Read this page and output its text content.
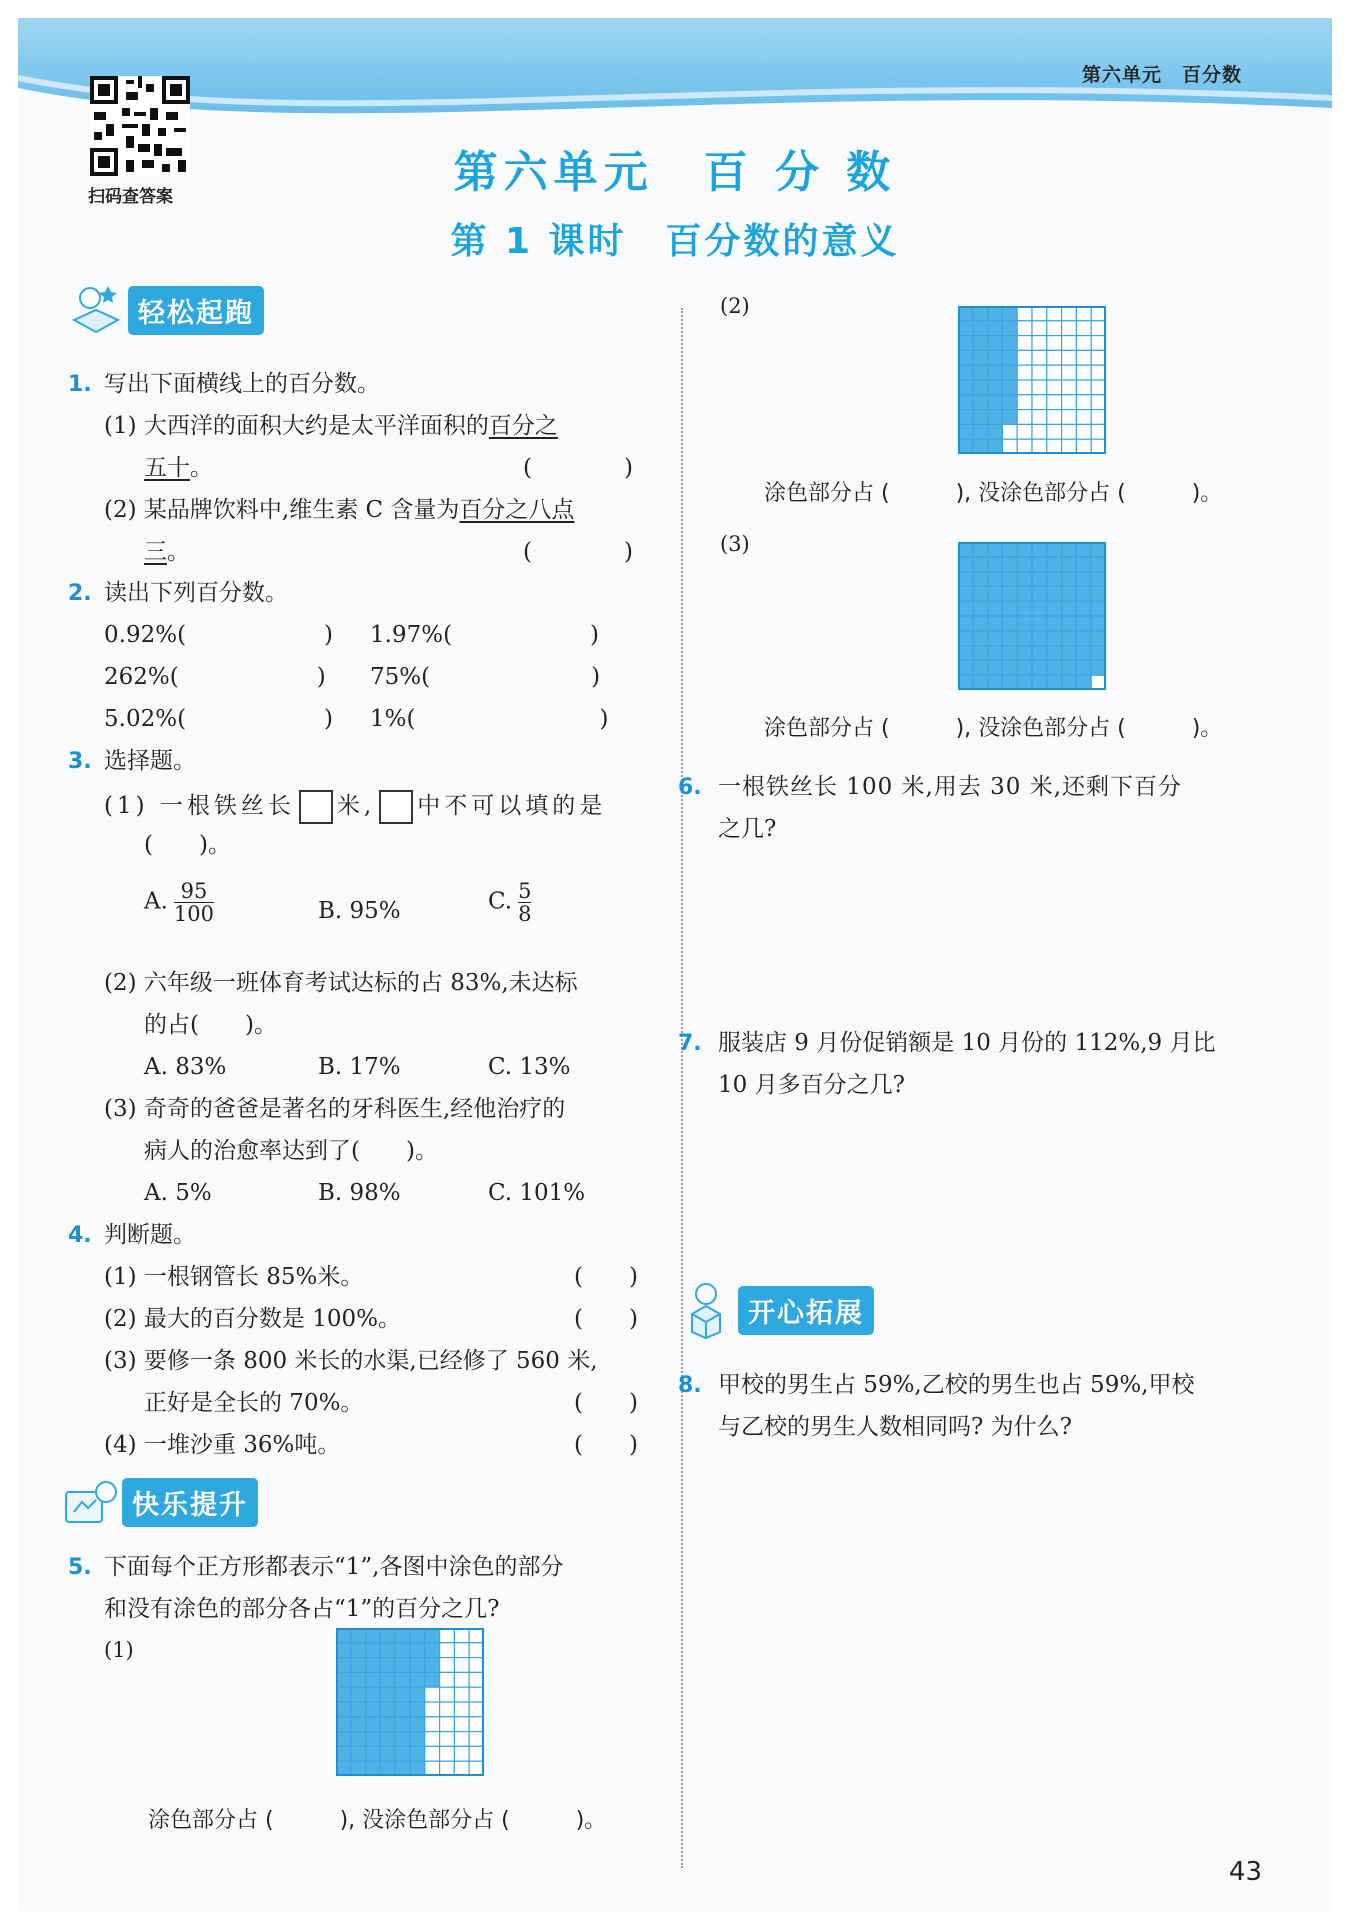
第六单元　百分数
扫码查答案	第六单元　百 分 数
第 1 课时　百分数的意义
轻松起跑
1. 写出下面横线上的百分数。
(1) 大西洋的面积大约是太平洋面积的百分之
五十。	(　　　　)
(2) 某品牌饮料中,维生素 C 含量为百分之八点
三。	(　　　　)
2. 读出下列百分数。
0.92%(　　　　　　) 1.97%(　　　　　　)
262%(　　　　　　) 75%(　　　　　　　)
5.02%(　　　　　　) 1%(　　　　　　　　)
3. 选择题。
(1) 一根铁丝长 米, 中不可以填的是
(　　)。
A. $\frac{95}{100}$	B. 95%	C. $\frac{5}{8}$
(2) 六年级一班体育考试达标的占 83%,未达标
的占(　　)。
A. 83%	B. 17%	C. 13%
(3) 奇奇的爸爸是著名的牙科医生,经他治疗的
病人的治愈率达到了(　　)。
A. 5%	B. 98%	C. 101%
4. 判断题。
(1) 一根钢管长 85%米。	(　　)
(2) 最大的百分数是 100%。	(　　)
(3) 要修一条 800 米长的水渠,已经修了 560 米,
正好是全长的 70%。	(　　)
(4) 一堆沙重 36%吨。	(　　)
快乐提升
5. 下面每个正方形都表示“1”,各图中涂色的部分
和没有涂色的部分各占“1”的百分之几?
(1)
涂色部分占 (　　　), 没涂色部分占 (　　　)。
(2)
涂色部分占 (　　　), 没涂色部分占 (　　　)。
(3)
涂色部分占 (　　　), 没涂色部分占 (　　　)。
6. 一根铁丝长 100 米,用去 30 米,还剩下百分
之几?
7. 服装店 9 月份促销额是 10 月份的 112%,9 月比
10 月多百分之几?
开心拓展
8. 甲校的男生占 59%,乙校的男生也占 59%,甲校
与乙校的男生人数相同吗? 为什么?
43
